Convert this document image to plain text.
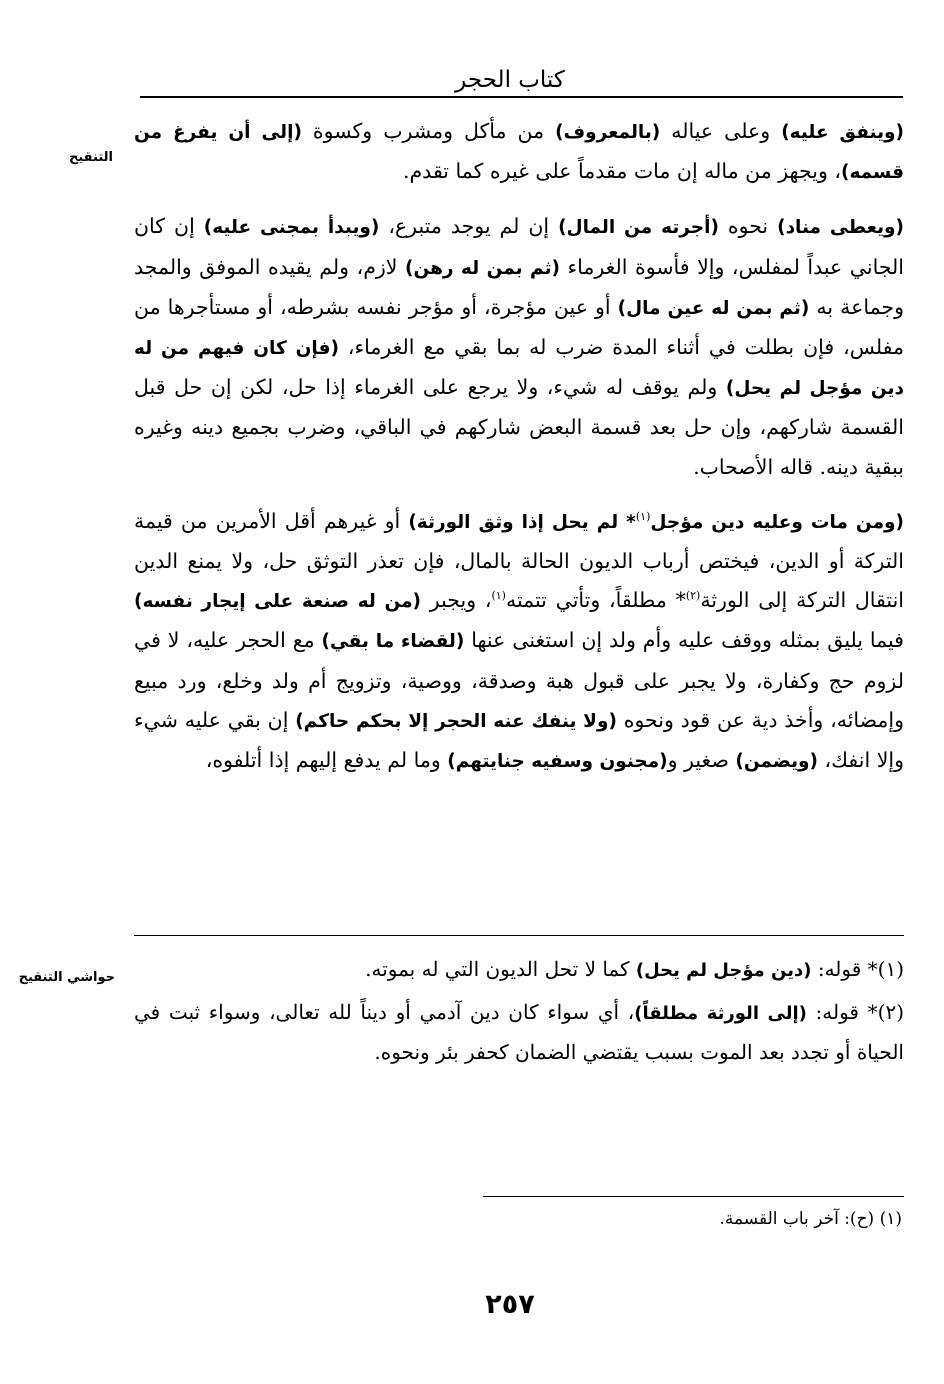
كتاب الحجر
التنقيح
حواشي التنقيح

(وينفق عليه) وعلى عياله (بالمعروف) من مأكل ومشرب وكسوة (إلى أن يفرغ من قسمه)، ويجهز من ماله إن مات مقدماً على غيره كما تقدم.

(ويعطى مناد) نحوه (أجرته من المال) إن لم يوجد متبرع، (ويبدأ بمجنى عليه) إن كان الجاني عبداً لمفلس، وإلا فأسوة الغرماء (ثم بمن له رهن) لازم، ولم يقيده الموفق والمجد وجماعة به (ثم بمن له عين مال) أو عين مؤجرة، أو مؤجر نفسه بشرطه، أو مستأجرها من مفلس، فإن بطلت في أثناء المدة ضرب له بما بقي مع الغرماء، (فإن كان فيهم من له دين مؤجل لم يحل) ولم يوقف له شيء، ولا يرجع على الغرماء إذا حل، لكن إن حل قبل القسمة شاركهم، وإن حل بعد قسمة البعض شاركهم في الباقي، وضرب بجميع دينه وغيره ببقية دينه. قاله الأصحاب.

(ومن مات وعليه دين مؤجل$^{(١)}$* لم يحل إذا وثق الورثة) أو غيرهم أقل الأمرين من قيمة التركة أو الدين، فيختص أرباب الديون الحالة بالمال، فإن تعذر التوثق حل، ولا يمنع الدين انتقال التركة إلى الورثة$^{(٢)}$* مطلقاً، وتأتي تتمته$^{(١)}$، ويجبر (من له صنعة على إيجار نفسه) فيما يليق بمثله ووقف عليه وأم ولد إن استغنى عنها (لقضاء ما بقي) مع الحجر عليه، لا في لزوم حج وكفارة، ولا يجبر على قبول هبة وصدقة، ووصية، وتزويج أم ولد وخلع، ورد مبيع وإمضائه، وأخذ دية عن قود ونحوه (ولا ينفك عنه الحجر إلا بحكم حاكم) إن بقي عليه شيء وإلا انفك، (ويضمن) صغير و(مجنون وسفيه جنايتهم) وما لم يدفع إليهم إذا أتلفوه،

(١)* قوله: (دين مؤجل لم يحل) كما لا تحل الديون التي له بموته.

(٢)* قوله: (إلى الورثة مطلقاً)، أي سواء كان دين آدمي أو ديناً لله تعالى، وسواء ثبت في الحياة أو تجدد بعد الموت بسبب يقتضي الضمان كحفر بئر ونحوه.

(١) (ح): آخر باب القسمة.
٢٥٧
